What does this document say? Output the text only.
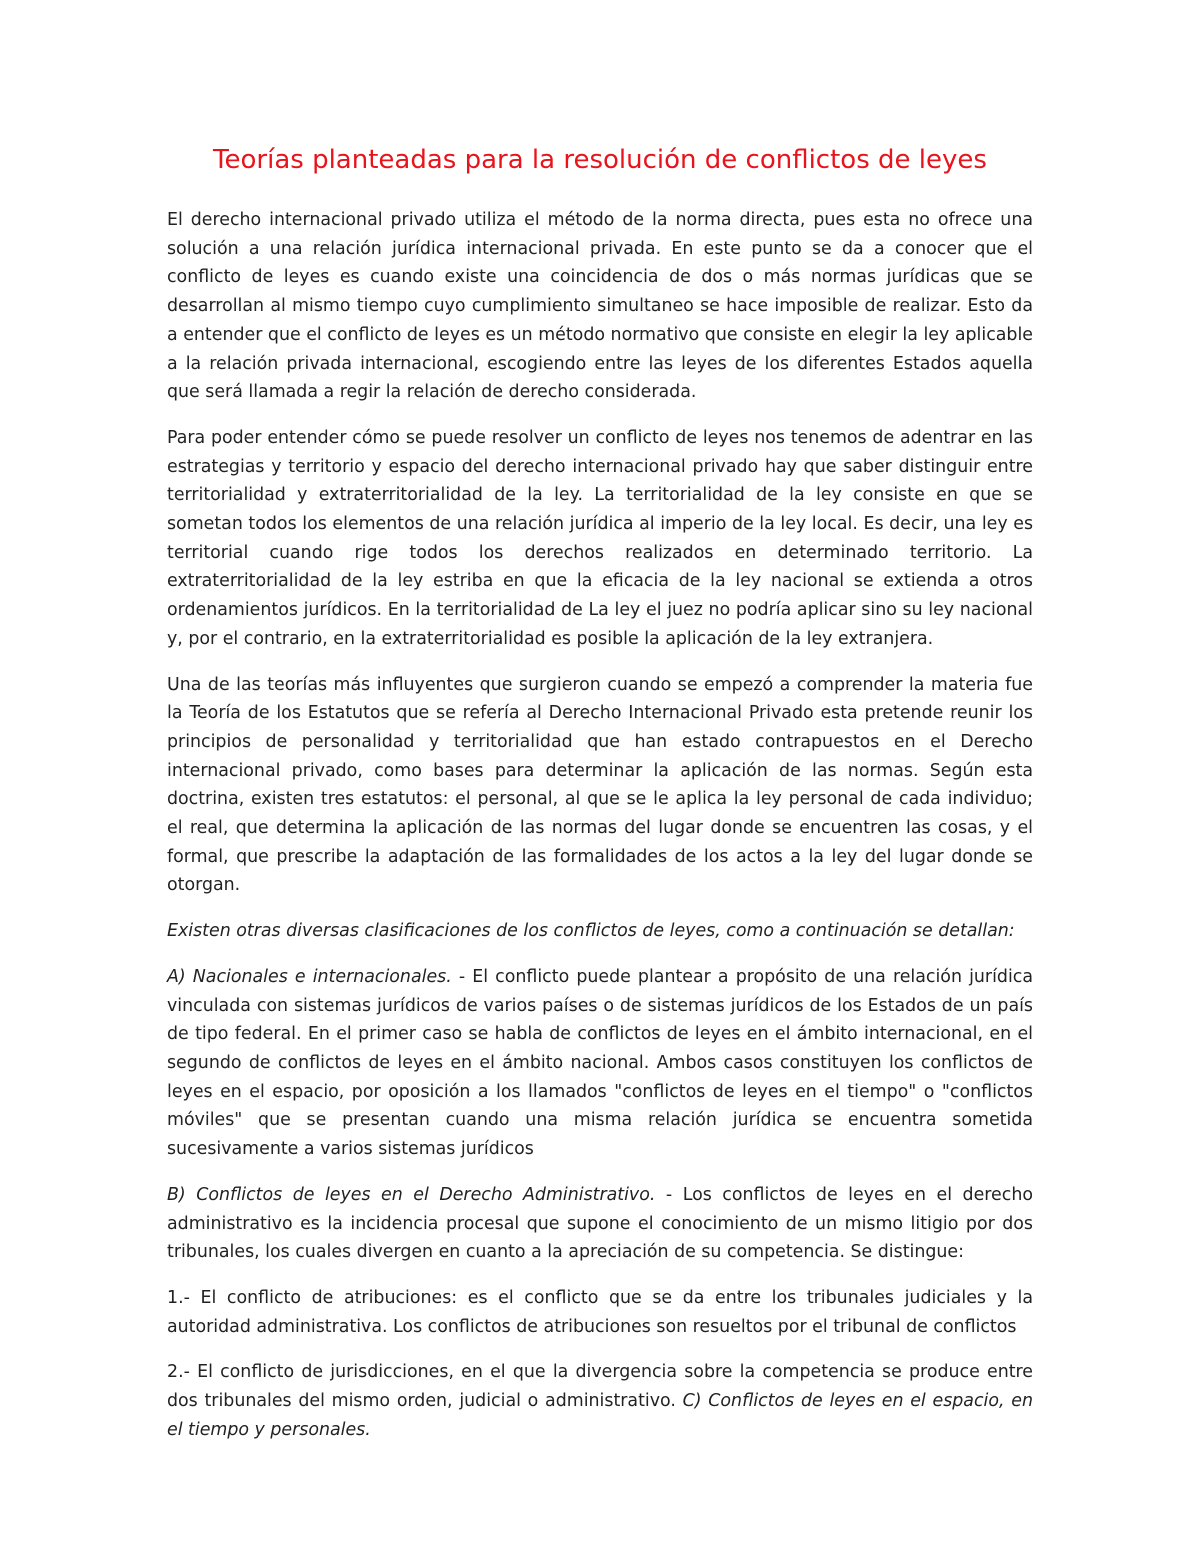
Teorías planteadas para la resolución de conflictos de leyes

El derecho internacional privado utiliza el método de la norma directa, pues esta no ofrece una solución a una relación jurídica internacional privada. En este punto se da a conocer que el conflicto de leyes es cuando existe una coincidencia de dos o más normas jurídicas que se desarrollan al mismo tiempo cuyo cumplimiento simultaneo se hace imposible de realizar. Esto da a entender que el conflicto de leyes es un método normativo que consiste en elegir la ley aplicable a la relación privada internacional, escogiendo entre las leyes de los diferentes Estados aquella que será llamada a regir la relación de derecho considerada.

Para poder entender cómo se puede resolver un conflicto de leyes nos tenemos de adentrar en las estrategias y territorio y espacio del derecho internacional privado hay que saber distinguir entre territorialidad y extraterritorialidad de la ley. La territorialidad de la ley consiste en que se sometan todos los elementos de una relación jurídica al imperio de la ley local. Es decir, una ley es territorial cuando rige todos los derechos realizados en determinado territorio. La extraterritorialidad de la ley estriba en que la eficacia de la ley nacional se extienda a otros ordenamientos jurídicos. En la territorialidad de La ley el juez no podría aplicar sino su ley nacional y, por el contrario, en la extraterritorialidad es posible la aplicación de la ley extranjera.

Una de las teorías más influyentes que surgieron cuando se empezó a comprender la materia fue la Teoría de los Estatutos que se refería al Derecho Internacional Privado esta pretende reunir los principios de personalidad y territorialidad que han estado contrapuestos en el Derecho internacional privado, como bases para determinar la aplicación de las normas. Según esta doctrina, existen tres estatutos: el personal, al que se le aplica la ley personal de cada individuo; el real, que determina la aplicación de las normas del lugar donde se encuentren las cosas, y el formal, que prescribe la adaptación de las formalidades de los actos a la ley del lugar donde se otorgan.

Existen otras diversas clasificaciones de los conflictos de leyes, como a continuación se detallan:

A) Nacionales e internacionales. - El conflicto puede plantear a propósito de una relación jurídica vinculada con sistemas jurídicos de varios países o de sistemas jurídicos de los Estados de un país de tipo federal. En el primer caso se habla de conflictos de leyes en el ámbito internacional, en el segundo de conflictos de leyes en el ámbito nacional. Ambos casos constituyen los conflictos de leyes en el espacio, por oposición a los llamados "conflictos de leyes en el tiempo" o "conflictos móviles" que se presentan cuando una misma relación jurídica se encuentra sometida sucesivamente a varios sistemas jurídicos

B) Conflictos de leyes en el Derecho Administrativo. - Los conflictos de leyes en el derecho administrativo es la incidencia procesal que supone el conocimiento de un mismo litigio por dos tribunales, los cuales divergen en cuanto a la apreciación de su competencia. Se distingue:

1.- El conflicto de atribuciones: es el conflicto que se da entre los tribunales judiciales y la autoridad administrativa. Los conflictos de atribuciones son resueltos por el tribunal de conflictos

2.- El conflicto de jurisdicciones, en el que la divergencia sobre la competencia se produce entre dos tribunales del mismo orden, judicial o administrativo. C) Conflictos de leyes en el espacio, en el tiempo y personales.
